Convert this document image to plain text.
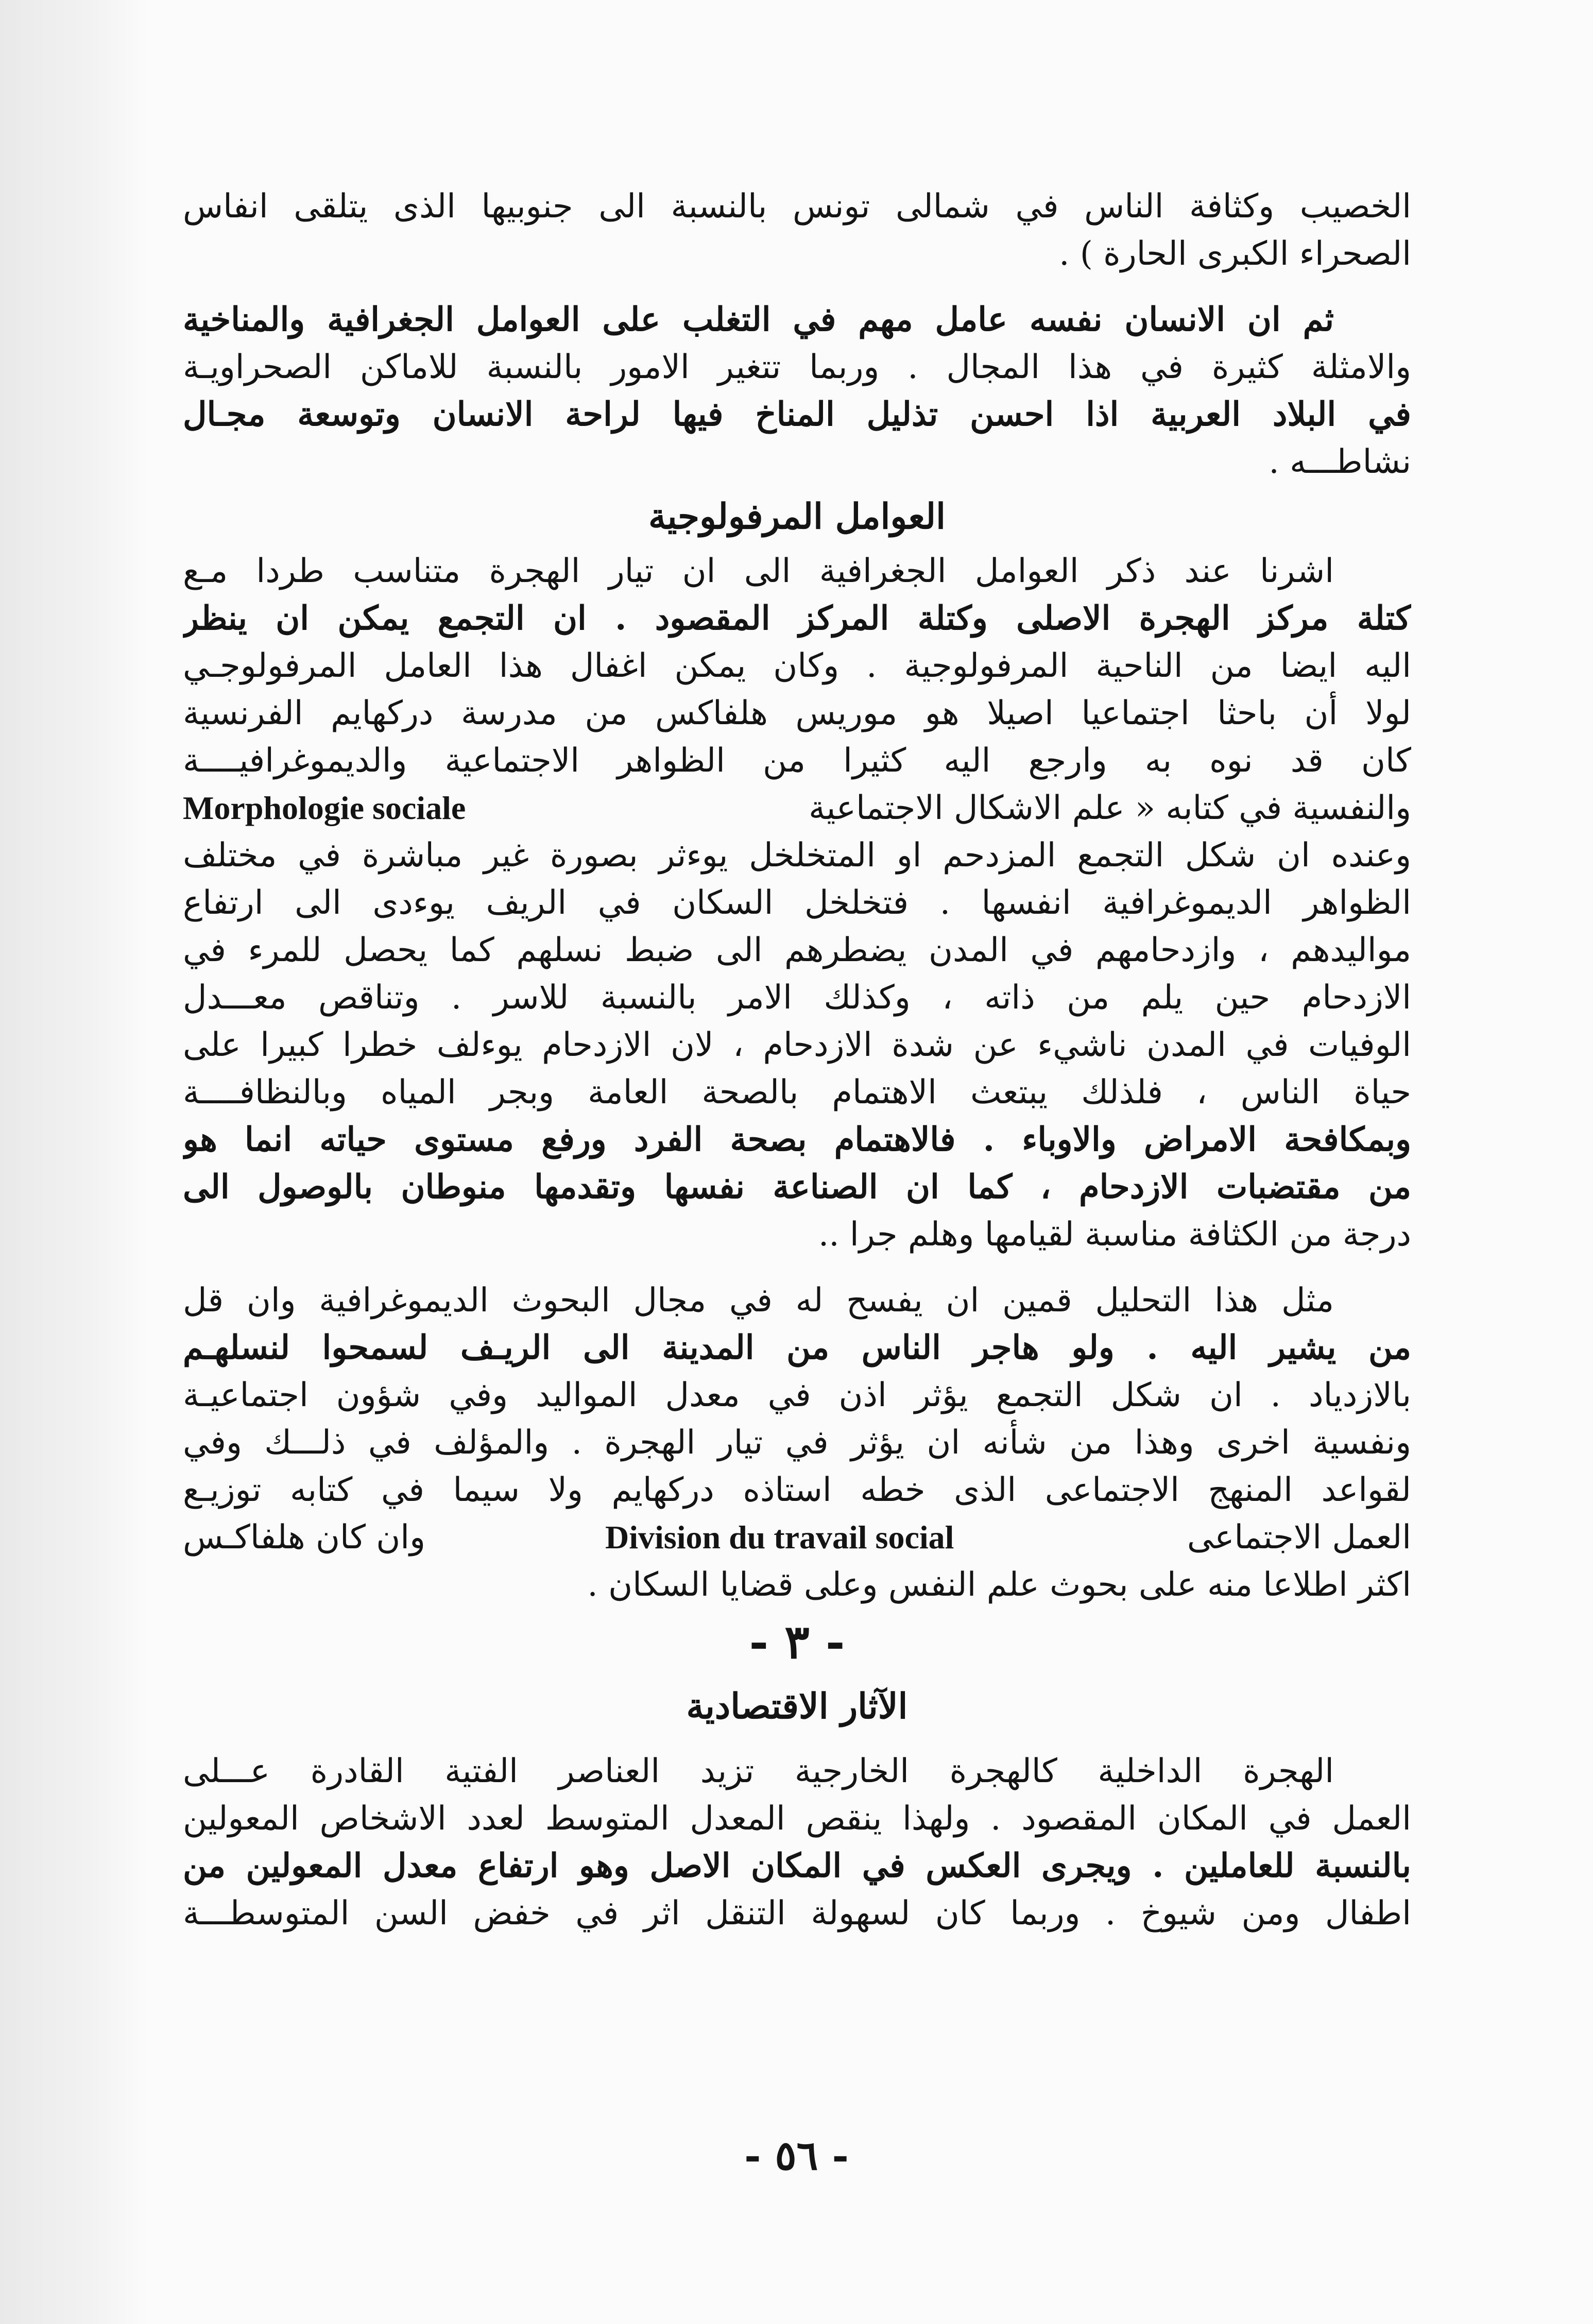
الخصيب وكثافة الناس في شمالى تونس بالنسبة الى جنوبيها الذى يتلقى انفاس
الصحراء الكبرى الحارة ) .
ثم ان الانسان نفسه عامل مهم في التغلب على العوامل الجغرافية والمناخية
والامثلة كثيرة في هذا المجال . وربما تتغير الامور بالنسبة للاماكن الصحراويـة
في البلاد العربية اذا احسن تذليل المناخ فيها لراحة الانسان وتوسعة مجـال
نشاطـــه .
العوامل المرفولوجية
اشرنا عند ذكر العوامل الجغرافية الى ان تيار الهجرة متناسب طردا مـع
كتلة مركز الهجرة الاصلى وكتلة المركز المقصود . ان التجمع يمكن ان ينظر
اليه ايضا من الناحية المرفولوجية . وكان يمكن اغفال هذا العامل المرفولوجـي
لولا أن باحثا اجتماعيا اصيلا هو موريس هلفاكس من مدرسة دركهايم الفرنسية
كان قد نوه به وارجع اليه كثيرا من الظواهر الاجتماعية والديموغرافيــــة
والنفسية في كتابه « علم الاشكال الاجتماعية
Morphologie sociale
وعنده ان شكل التجمع المزدحم او المتخلخل يوءثر بصورة غير مباشرة في مختلف
الظواهر الديموغرافية انفسها . فتخلخل السكان في الريف يوءدى الى ارتفاع
مواليدهم ، وازدحامهم في المدن يضطرهم الى ضبط نسلهم كما يحصل للمرء في
الازدحام حين يلم من ذاته ، وكذلك الامر بالنسبة للاسر . وتناقص معـــدل
الوفيات في المدن ناشيء عن شدة الازدحام ، لان الازدحام يوءلف خطرا كبيرا على
حياة الناس ، فلذلك يبتعث الاهتمام بالصحة العامة وبجر المياه وبالنظافــــة
وبمكافحة الامراض والاوباء . فالاهتمام بصحة الفرد ورفع مستوى حياته انما هو
من مقتضبات الازدحام ، كما ان الصناعة نفسها وتقدمها منوطان بالوصول الى
درجة من الكثافة مناسبة لقيامها وهلم جرا ..
مثل هذا التحليل قمين ان يفسح له في مجال البحوث الديموغرافية وان قل
من يشير اليه . ولو هاجر الناس من المدينة الى الريـف لسمحوا لنسلهـم
بالازدياد . ان شكل التجمع يؤثر اذن في معدل المواليد وفي شؤون اجتماعيـة
ونفسية اخرى وهذا من شأنه ان يؤثر في تيار الهجرة . والمؤلف في ذلـــك وفي
لقواعد المنهج الاجتماعى الذى خطه استاذه دركهايم ولا سيما في كتابه توزيـع
العمل الاجتماعى
Division du travail social
وان كان هلفاكـس
اكثر اطلاعا منه على بحوث علم النفس وعلى قضايا السكان .
- ٣ -
الآثار الاقتصادية
الهجرة الداخلية كالهجرة الخارجية تزيد العناصر الفتية القادرة عـــلى
العمل في المكان المقصود . ولهذا ينقص المعدل المتوسط لعدد الاشخاص المعولين
بالنسبة للعاملين . ويجرى العكس في المكان الاصل وهو ارتفاع معدل المعولين من
اطفال ومن شيوخ . وربما كان لسهولة التنقل اثر في خفض السن المتوسطـــة
- ٥٦ -
